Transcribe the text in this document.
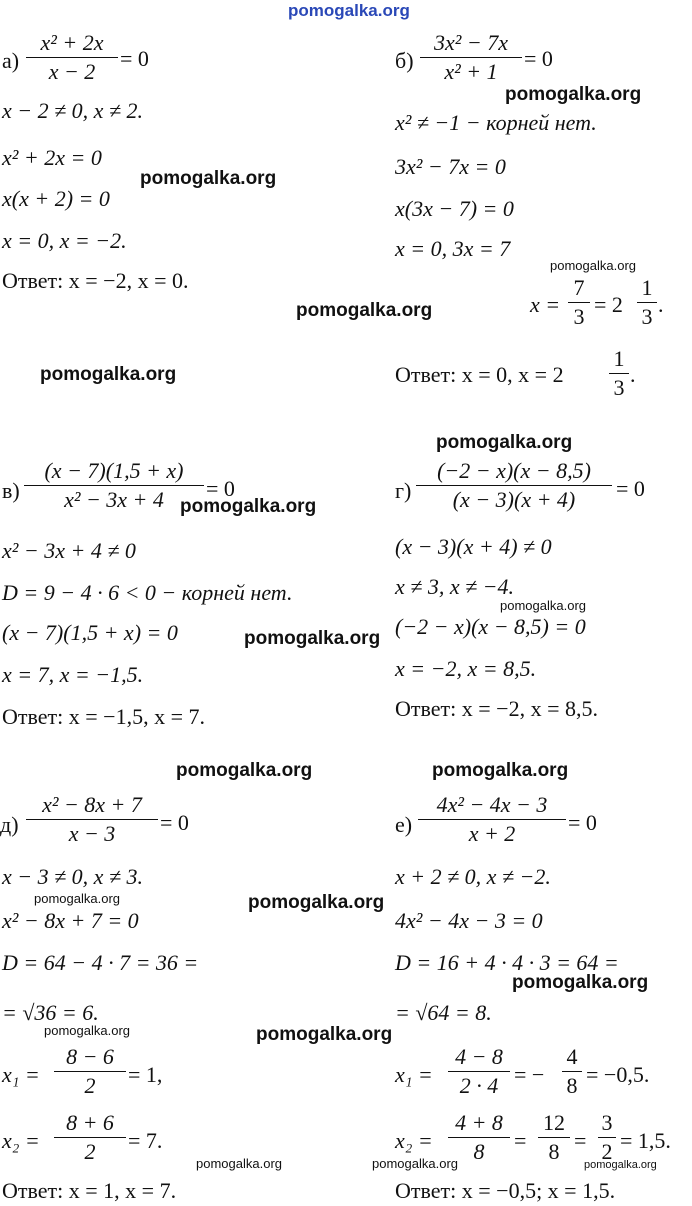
pomogalka.org
а)
x² + 2x
x − 2
= 0
x − 2 ≠ 0, x ≠ 2.
x² + 2x = 0
x(x + 2) = 0
x = 0, x = −2.
Ответ: x = −2, x = 0.
б)
3x² − 7x
x² + 1
= 0
x² ≠ −1 − корней нет.
3x² − 7x = 0
x(3x − 7) = 0
x = 0, 3x = 7
x =
7
3 = 2
1
3 .
Ответ: x = 0, x = 2
1
3
.
в)
(x − 7)(1,5 + x)
x² − 3x + 4	= 0
x² − 3x + 4 ≠ 0
D = 9 − 4 · 6 < 0 − корней нет.
(x − 7)(1,5 + x) = 0
x = 7, x = −1,5.
Ответ: x = −1,5, x = 7.
г)
(−2 − x)(x − 8,5)
(x − 3)(x + 4)	= 0
(x − 3)(x + 4) ≠ 0
x ≠ 3, x ≠ −4.
(−2 − x)(x − 8,5) = 0
x = −2, x = 8,5.
Ответ: x = −2, x = 8,5.
д)
x² − 8x + 7
x − 3	= 0
x − 3 ≠ 0, x ≠ 3.
x² − 8x + 7 = 0
D = 64 − 4 · 7 = 36 =
= √36 = 6.
x₁ =
8 − 6
2	= 1,
x₂ =
8 + 6
2	= 7.
Ответ: x = 1, x = 7.
е)
4x² − 4x − 3
x + 2	= 0
x + 2 ≠ 0, x ≠ −2.
4x² − 4x − 3 = 0
D = 16 + 4 · 4 · 3 = 64 =
= √64 = 8.
x₁ =
4 − 8
2 · 4 = −
4
8 = −0,5.
x₂ =
4 + 8
8	=
12
8 =
3
2 = 1,5.
Ответ: x = −0,5; x = 1,5.
pomogalka.org
pomogalka.org
pomogalka.org
pomogalka.org
pomogalka.org
pomogalka.org
pomogalka.org
pomogalka.org
pomogalka.org
pomogalka.org	pomogalka.org
pomogalka.org	pomogalka.org
pomogalka.org
pomogalka.org	pomogalka.org
pomogalka.org	pomogalka.org	pomogalka.org
